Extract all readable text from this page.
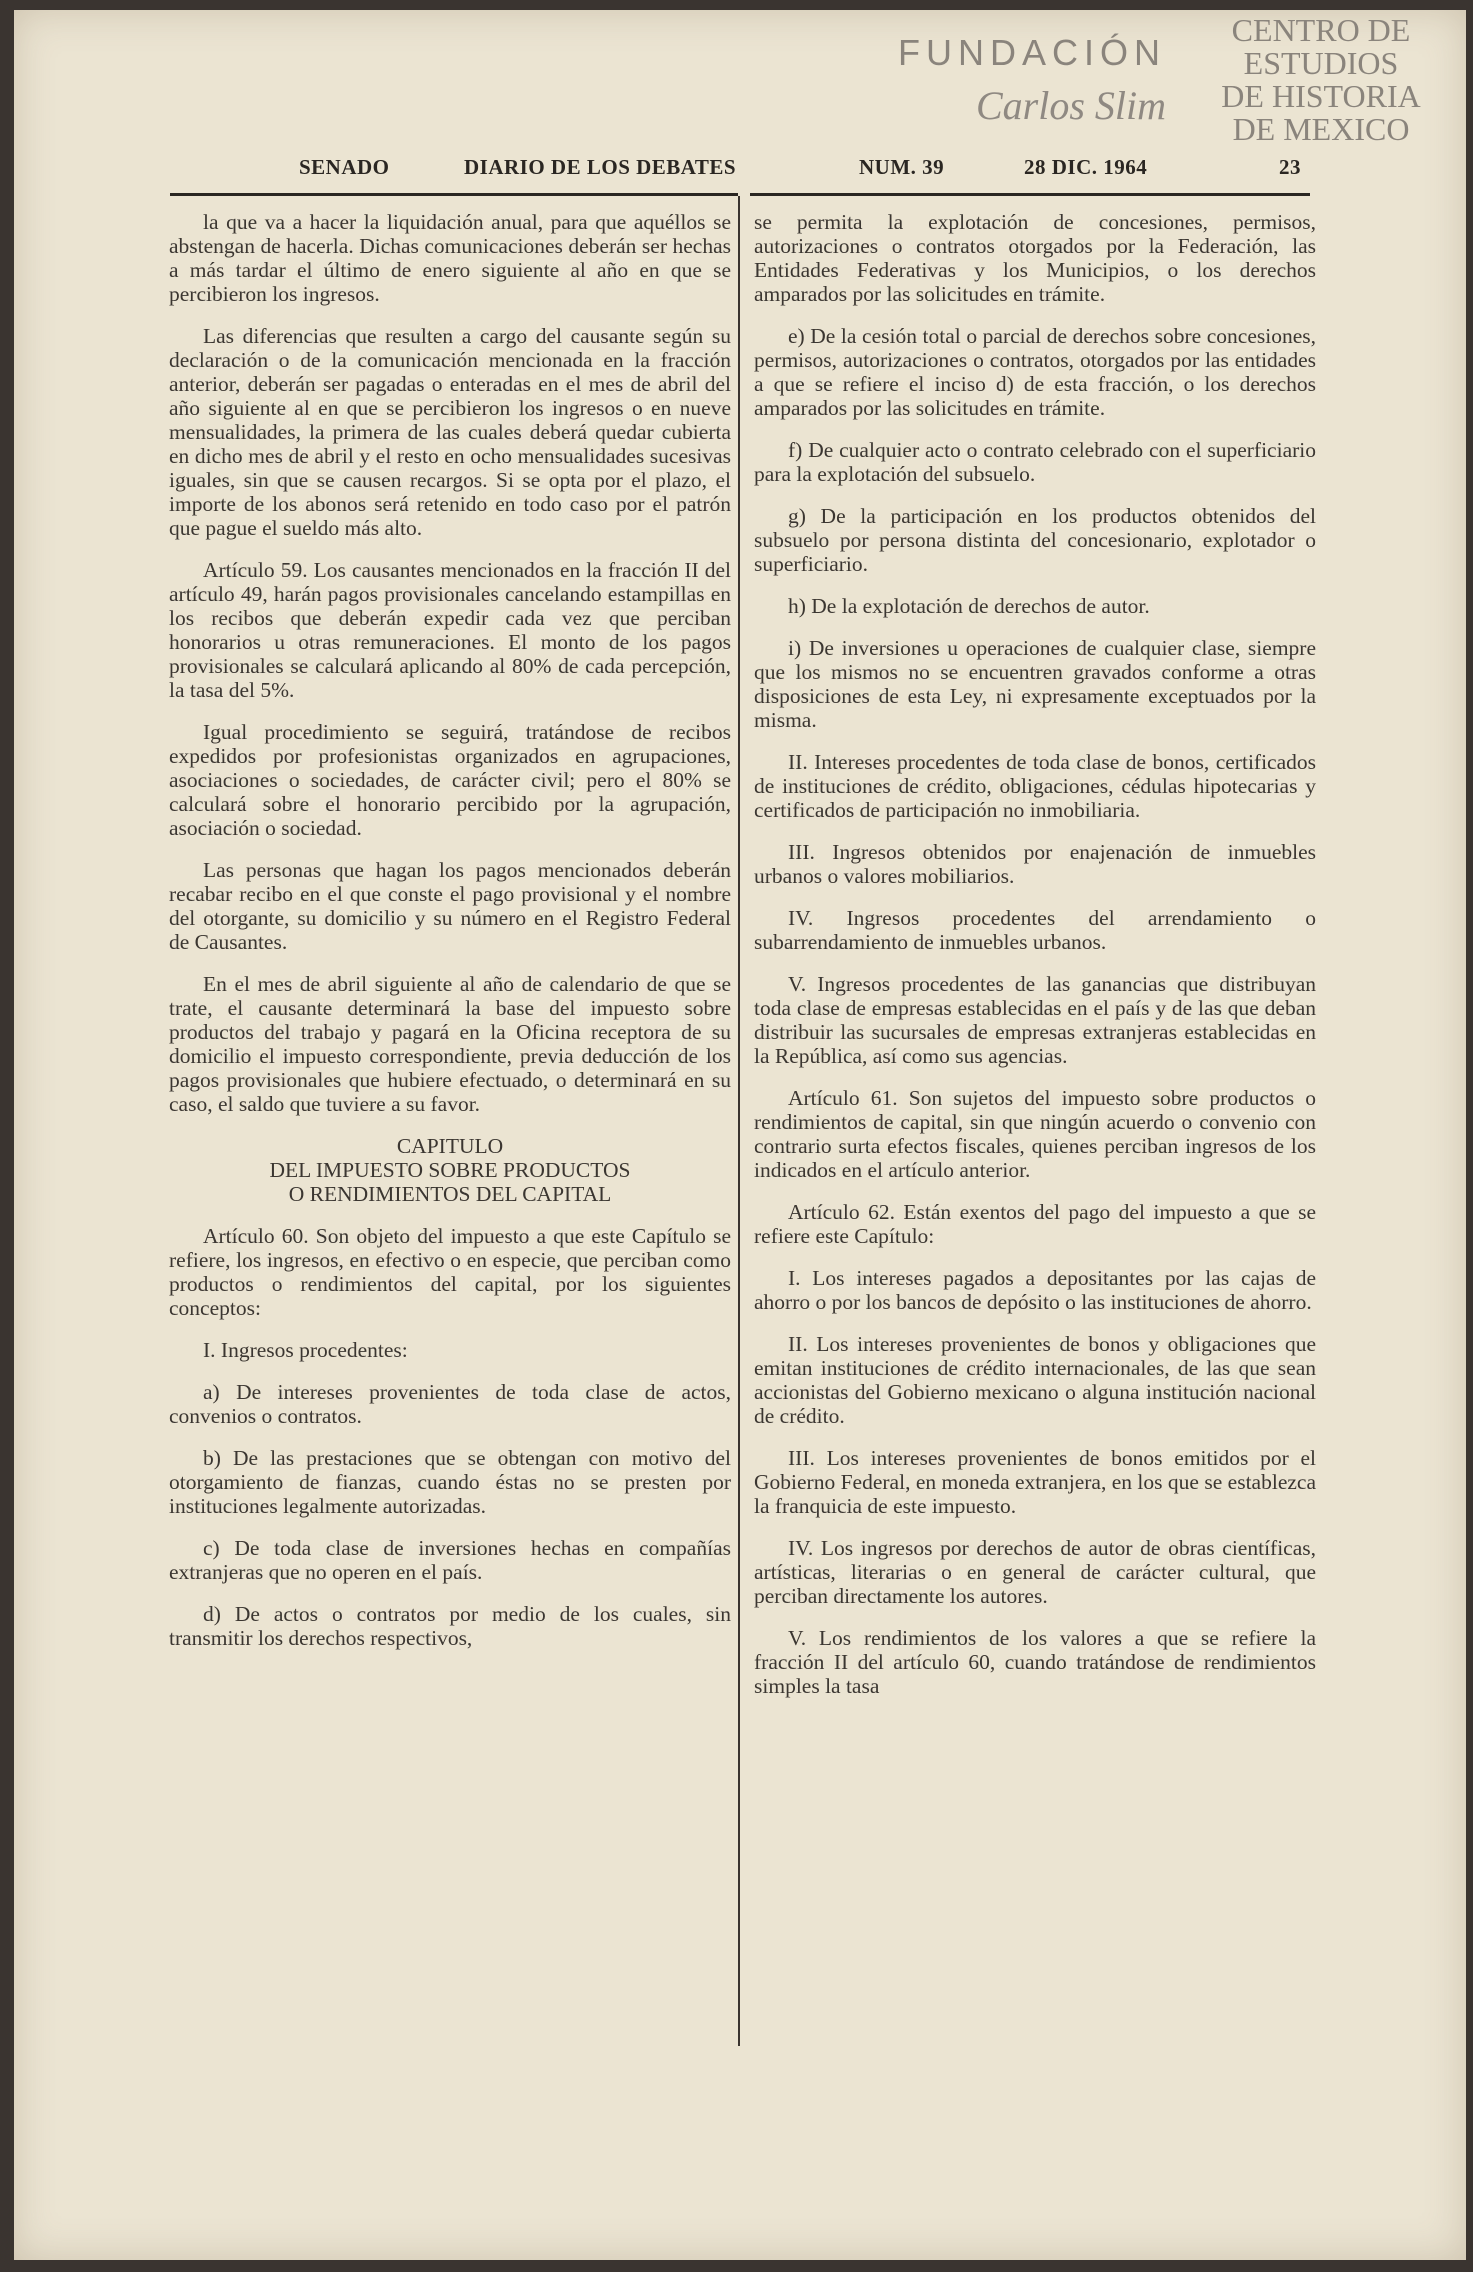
CENTRO DE
ESTUDIOS
DE HISTORIA
DE MEXICO
FUNDACIÓN
Carlos Slim
SENADO	DIARIO DE LOS DEBATES	NUM. 39	28 DIC. 1964	23

la que va a hacer la liquidación anual, para que aquéllos se abstengan de hacerla. Dichas comunicaciones deberán ser hechas a más tardar el último de enero siguiente al año en que se percibieron los ingresos.

Las diferencias que resulten a cargo del causante según su declaración o de la comunicación mencionada en la fracción anterior, deberán ser pagadas o enteradas en el mes de abril del año siguiente al en que se percibieron los ingresos o en nueve mensualidades, la primera de las cuales deberá quedar cubierta en dicho mes de abril y el resto en ocho mensualidades sucesivas iguales, sin que se causen recargos. Si se opta por el plazo, el importe de los abonos será retenido en todo caso por el patrón que pague el sueldo más alto.

Artículo 59. Los causantes mencionados en la fracción II del artículo 49, harán pagos provisionales cancelando estampillas en los recibos que deberán expedir cada vez que perciban honorarios u otras remuneraciones. El monto de los pagos provisionales se calculará aplicando al 80% de cada percepción, la tasa del 5%.

Igual procedimiento se seguirá, tratándose de recibos expedidos por profesionistas organizados en agrupaciones, asociaciones o sociedades, de carácter civil; pero el 80% se calculará sobre el honorario percibido por la agrupación, asociación o sociedad.

Las personas que hagan los pagos mencionados deberán recabar recibo en el que conste el pago provisional y el nombre del otorgante, su domicilio y su número en el Registro Federal de Causantes.

En el mes de abril siguiente al año de calendario de que se trate, el causante determinará la base del impuesto sobre productos del trabajo y pagará en la Oficina receptora de su domicilio el impuesto correspondiente, previa deducción de los pagos provisionales que hubiere efectuado, o determinará en su caso, el saldo que tuviere a su favor.

CAPITULO
DEL IMPUESTO SOBRE PRODUCTOS
O RENDIMIENTOS DEL CAPITAL

Artículo 60. Son objeto del impuesto a que este Capítulo se refiere, los ingresos, en efectivo o en especie, que perciban como productos o rendimientos del capital, por los siguientes conceptos:

I. Ingresos procedentes:

a) De intereses provenientes de toda clase de actos, convenios o contratos.

b) De las prestaciones que se obtengan con motivo del otorgamiento de fianzas, cuando éstas no se presten por instituciones legalmente autorizadas.

c) De toda clase de inversiones hechas en compañías extranjeras que no operen en el país.

d) De actos o contratos por medio de los cuales, sin transmitir los derechos respectivos,

se permita la explotación de concesiones, permisos, autorizaciones o contratos otorgados por la Federación, las Entidades Federativas y los Municipios, o los derechos amparados por las solicitudes en trámite.

e) De la cesión total o parcial de derechos sobre concesiones, permisos, autorizaciones o contratos, otorgados por las entidades a que se refiere el inciso d) de esta fracción, o los derechos amparados por las solicitudes en trámite.

f) De cualquier acto o contrato celebrado con el superficiario para la explotación del subsuelo.

g) De la participación en los productos obtenidos del subsuelo por persona distinta del concesionario, explotador o superficiario.

h) De la explotación de derechos de autor.

i) De inversiones u operaciones de cualquier clase, siempre que los mismos no se encuentren gravados conforme a otras disposiciones de esta Ley, ni expresamente exceptuados por la misma.

II. Intereses procedentes de toda clase de bonos, certificados de instituciones de crédito, obligaciones, cédulas hipotecarias y certificados de participación no inmobiliaria.

III. Ingresos obtenidos por enajenación de inmuebles urbanos o valores mobiliarios.

IV. Ingresos procedentes del arrendamiento o subarrendamiento de inmuebles urbanos.

V. Ingresos procedentes de las ganancias que distribuyan toda clase de empresas establecidas en el país y de las que deban distribuir las sucursales de empresas extranjeras establecidas en la República, así como sus agencias.

Artículo 61. Son sujetos del impuesto sobre productos o rendimientos de capital, sin que ningún acuerdo o convenio con contrario surta efectos fiscales, quienes perciban ingresos de los indicados en el artículo anterior.

Artículo 62. Están exentos del pago del impuesto a que se refiere este Capítulo:

I. Los intereses pagados a depositantes por las cajas de ahorro o por los bancos de depósito o las instituciones de ahorro.

II. Los intereses provenientes de bonos y obligaciones que emitan instituciones de crédito internacionales, de las que sean accionistas del Gobierno mexicano o alguna institución nacional de crédito.

III. Los intereses provenientes de bonos emitidos por el Gobierno Federal, en moneda extranjera, en los que se establezca la franquicia de este impuesto.

IV. Los ingresos por derechos de autor de obras científicas, artísticas, literarias o en general de carácter cultural, que perciban directamente los autores.

V. Los rendimientos de los valores a que se refiere la fracción II del artículo 60, cuando tratándose de rendimientos simples la tasa
